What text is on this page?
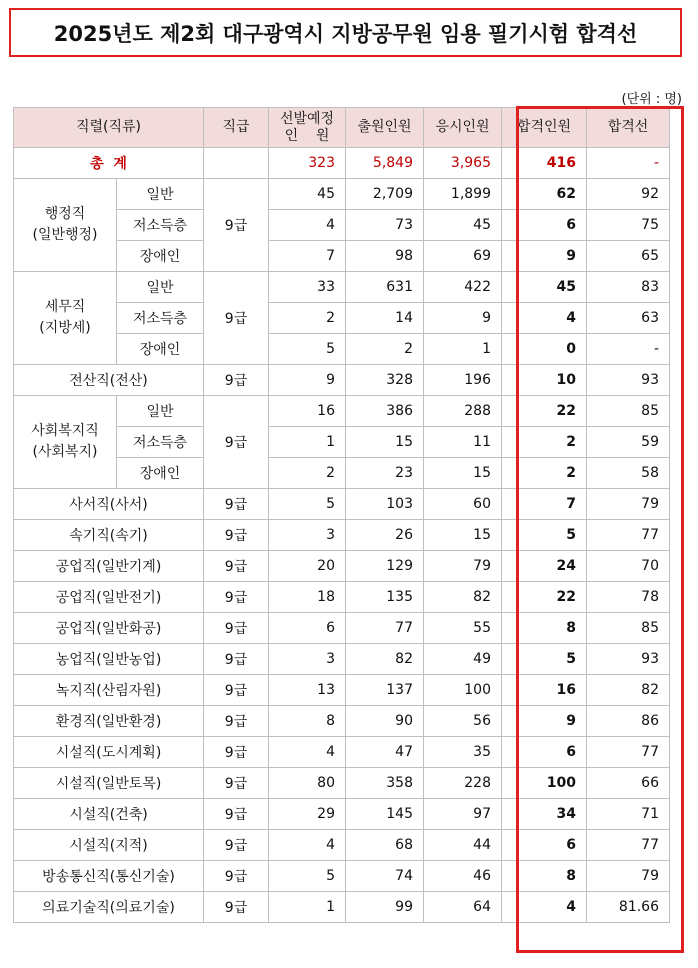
2025년도 제2회 대구광역시 지방공무원 임용 필기시험 합격선
(단위 : 명)
직렬(직류)		직급	선발예정
인    원	출원인원	응시인원	합격인원	합격선
총  계			323	5,849	3,965	416	-
행정직
(일반행정)	일반	9급	45	2,709	1,899	62	92
	저소득층		4	73	45	6	75
	장애인		7	98	69	9	65
세무직
(지방세)	일반	9급	33	631	422	45	83
	저소득층		2	14	9	4	63
	장애인		5	2	1	0	-
전산직(전산)		9급	9	328	196	10	93
사회복지직
(사회복지)	일반	9급	16	386	288	22	85
	저소득층		1	15	11	2	59
	장애인		2	23	15	2	58
사서직(사서)		9급	5	103	60	7	79
속기직(속기)		9급	3	26	15	5	77
공업직(일반기계)		9급	20	129	79	24	70
공업직(일반전기)		9급	18	135	82	22	78
공업직(일반화공)		9급	6	77	55	8	85
농업직(일반농업)		9급	3	82	49	5	93
녹지직(산림자원)		9급	13	137	100	16	82
환경직(일반환경)		9급	8	90	56	9	86
시설직(도시계획)		9급	4	47	35	6	77
시설직(일반토목)		9급	80	358	228	100	66
시설직(건축)		9급	29	145	97	34	71
시설직(지적)		9급	4	68	44	6	77
방송통신직(통신기술)		9급	5	74	46	8	79
의료기술직(의료기술)		9급	1	99	64	4	81.66
